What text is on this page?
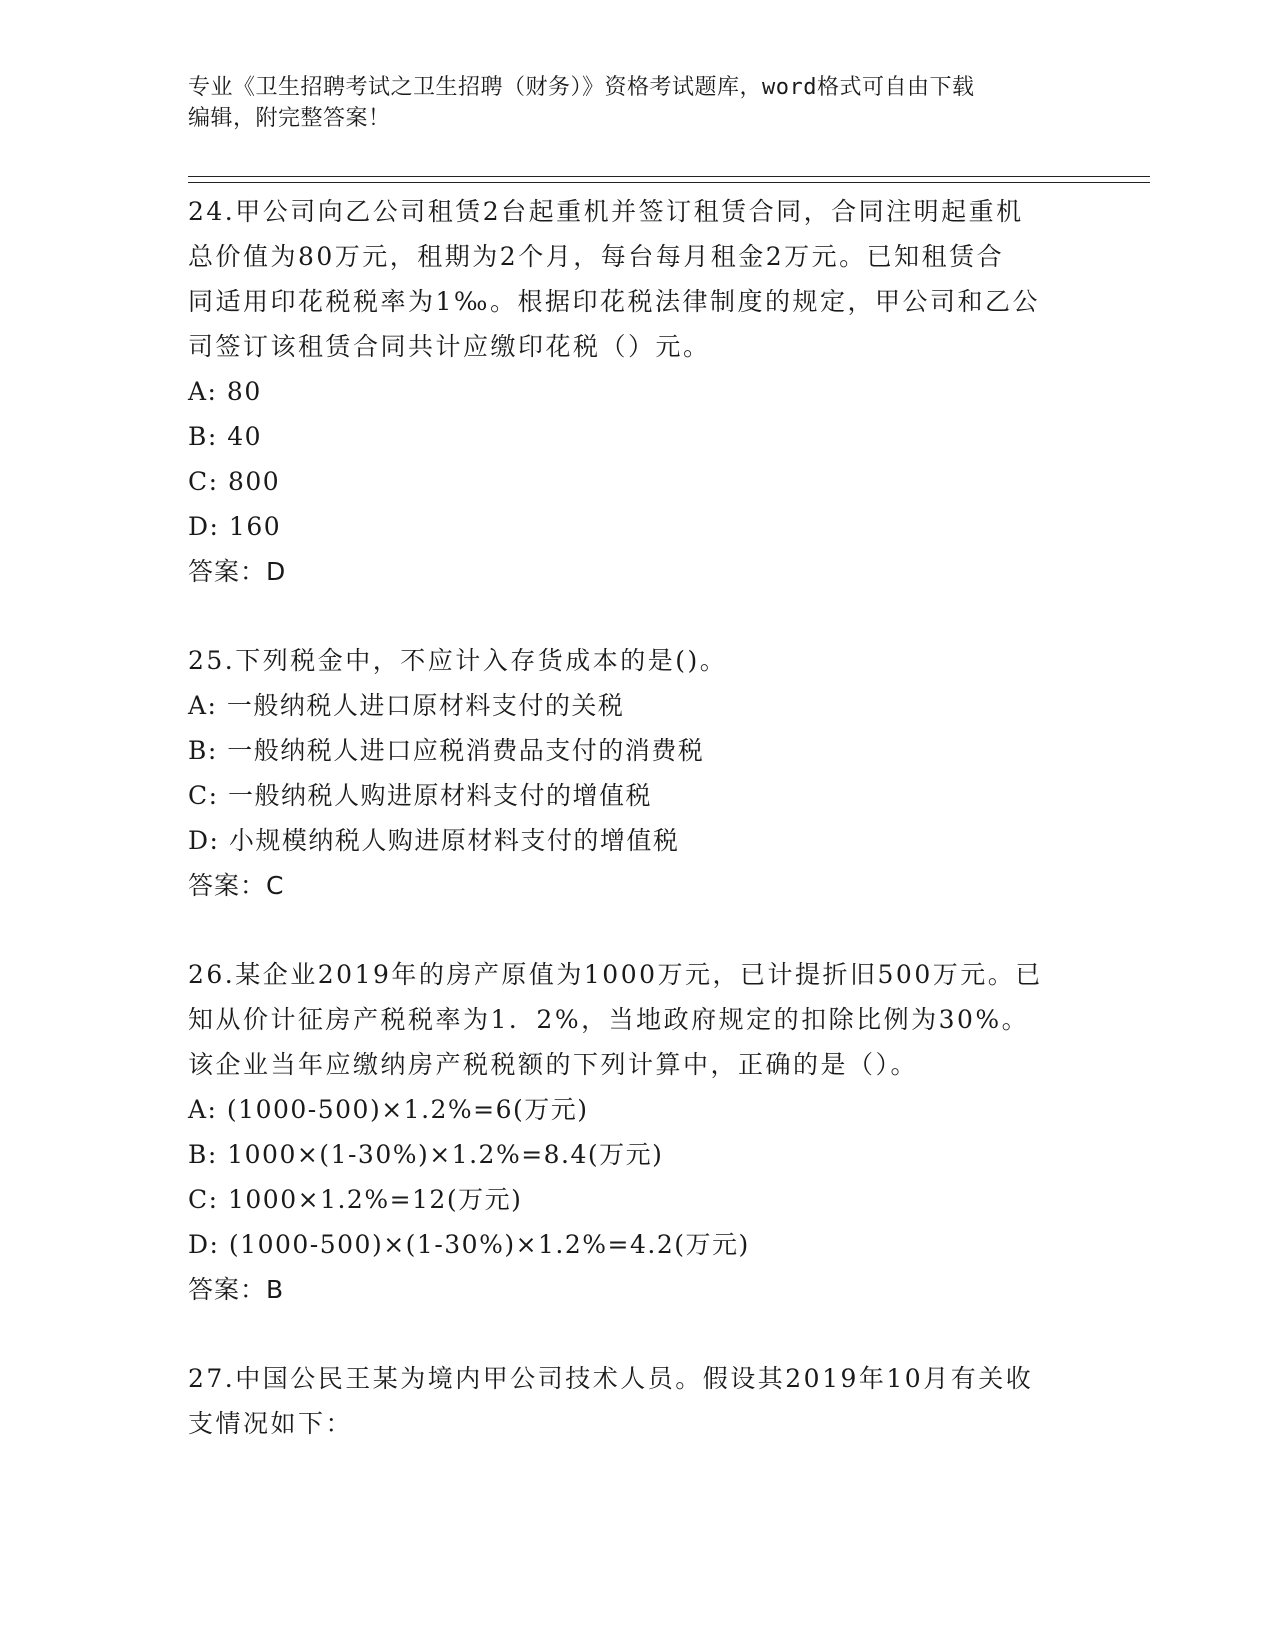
专业《卫生招聘考试之卫生招聘（财务）》资格考试题库，word格式可自由下载
编辑，附完整答案！
24.甲公司向乙公司租赁2台起重机并签订租赁合同，合同注明起重机
总价值为80万元，租期为2个月，每台每月租金2万元。已知租赁合
同适用印花税税率为1‰。根据印花税法律制度的规定，甲公司和乙公
司签订该租赁合同共计应缴印花税（）元。
A: 80
B: 40
C: 800
D: 160
答案：D
25.下列税金中，不应计入存货成本的是()。
A: 一般纳税人进口原材料支付的关税
B: 一般纳税人进口应税消费品支付的消费税
C: 一般纳税人购进原材料支付的增值税
D: 小规模纳税人购进原材料支付的增值税
答案：C
26.某企业2019年的房产原值为1000万元，已计提折旧500万元。已
知从价计征房产税税率为1．2%，当地政府规定的扣除比例为30%。
该企业当年应缴纳房产税税额的下列计算中，正确的是（）。
A: (1000-500)×1.2%=6(万元)
B: 1000×(1-30%)×1.2%=8.4(万元)
C: 1000×1.2%=12(万元)
D: (1000-500)×(1-30%)×1.2%=4.2(万元)
答案：B
27.中国公民王某为境内甲公司技术人员。假设其2019年10月有关收
支情况如下：
